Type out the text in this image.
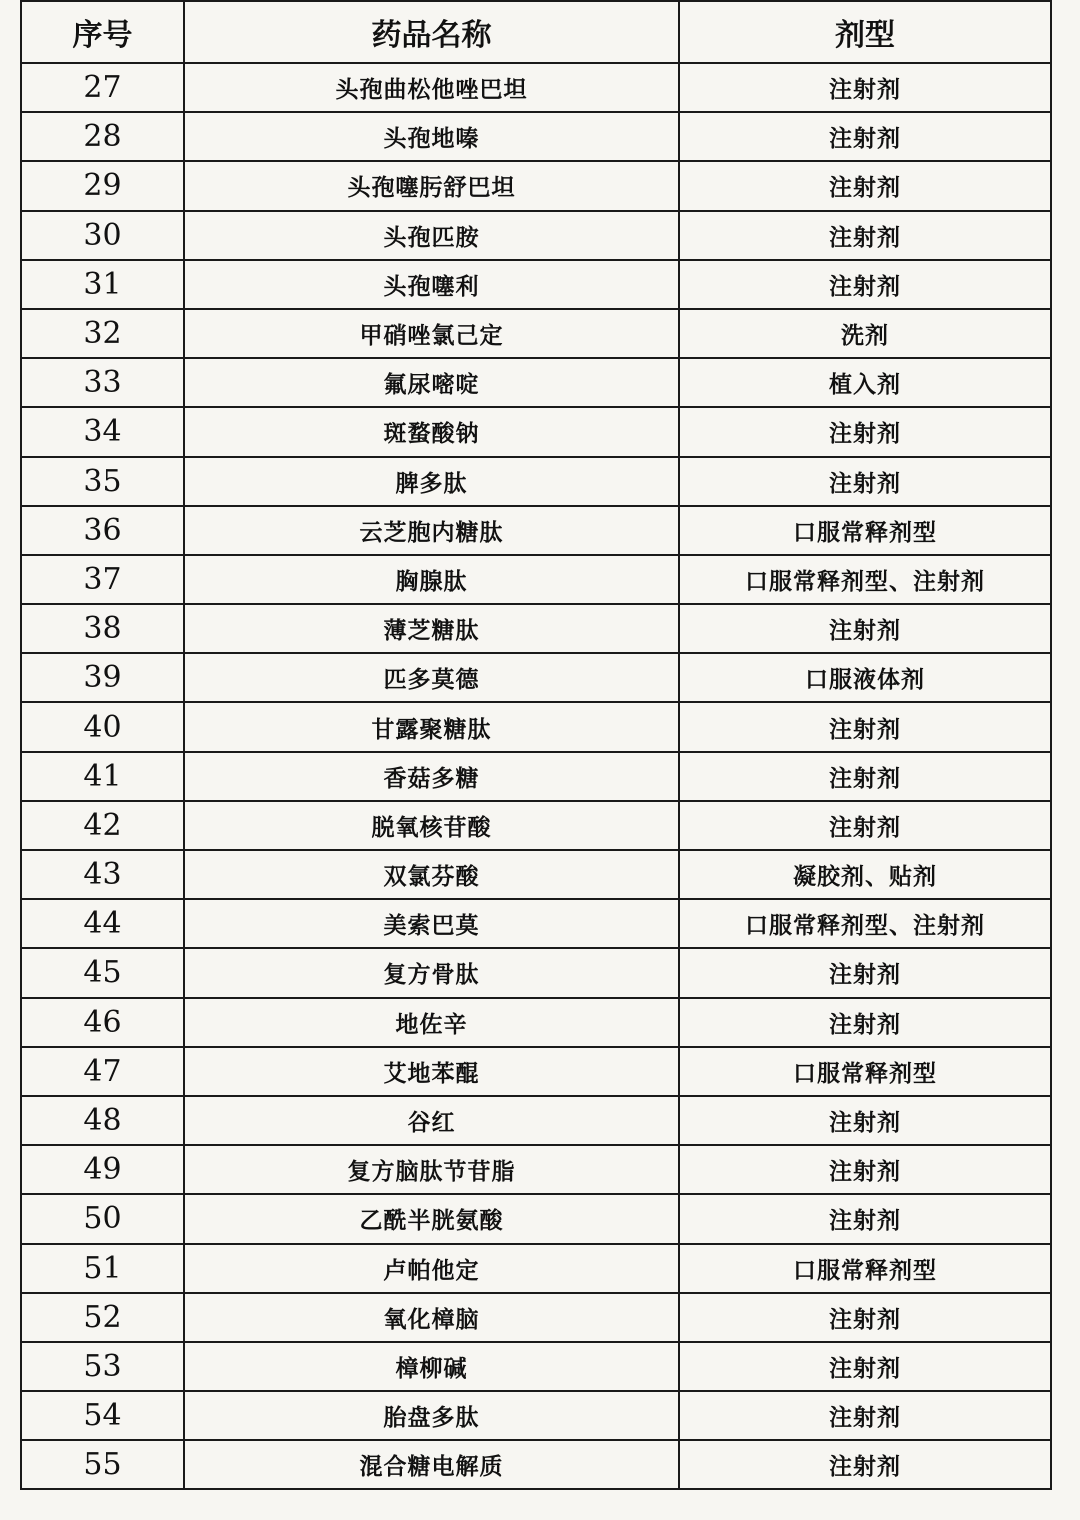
序号	药品名称	剂型
27	头孢曲松他唑巴坦	注射剂
28	头孢地嗪	注射剂
29	头孢噻肟舒巴坦	注射剂
30	头孢匹胺	注射剂
31	头孢噻利	注射剂
32	甲硝唑氯己定	洗剂
33	氟尿嘧啶	植入剂
34	斑蝥酸钠	注射剂
35	脾多肽	注射剂
36	云芝胞内糖肽	口服常释剂型
37	胸腺肽	口服常释剂型、注射剂
38	薄芝糖肽	注射剂
39	匹多莫德	口服液体剂
40	甘露聚糖肽	注射剂
41	香菇多糖	注射剂
42	脱氧核苷酸	注射剂
43	双氯芬酸	凝胶剂、贴剂
44	美索巴莫	口服常释剂型、注射剂
45	复方骨肽	注射剂
46	地佐辛	注射剂
47	艾地苯醌	口服常释剂型
48	谷红	注射剂
49	复方脑肽节苷脂	注射剂
50	乙酰半胱氨酸	注射剂
51	卢帕他定	口服常释剂型
52	氧化樟脑	注射剂
53	樟柳碱	注射剂
54	胎盘多肽	注射剂
55	混合糖电解质	注射剂
